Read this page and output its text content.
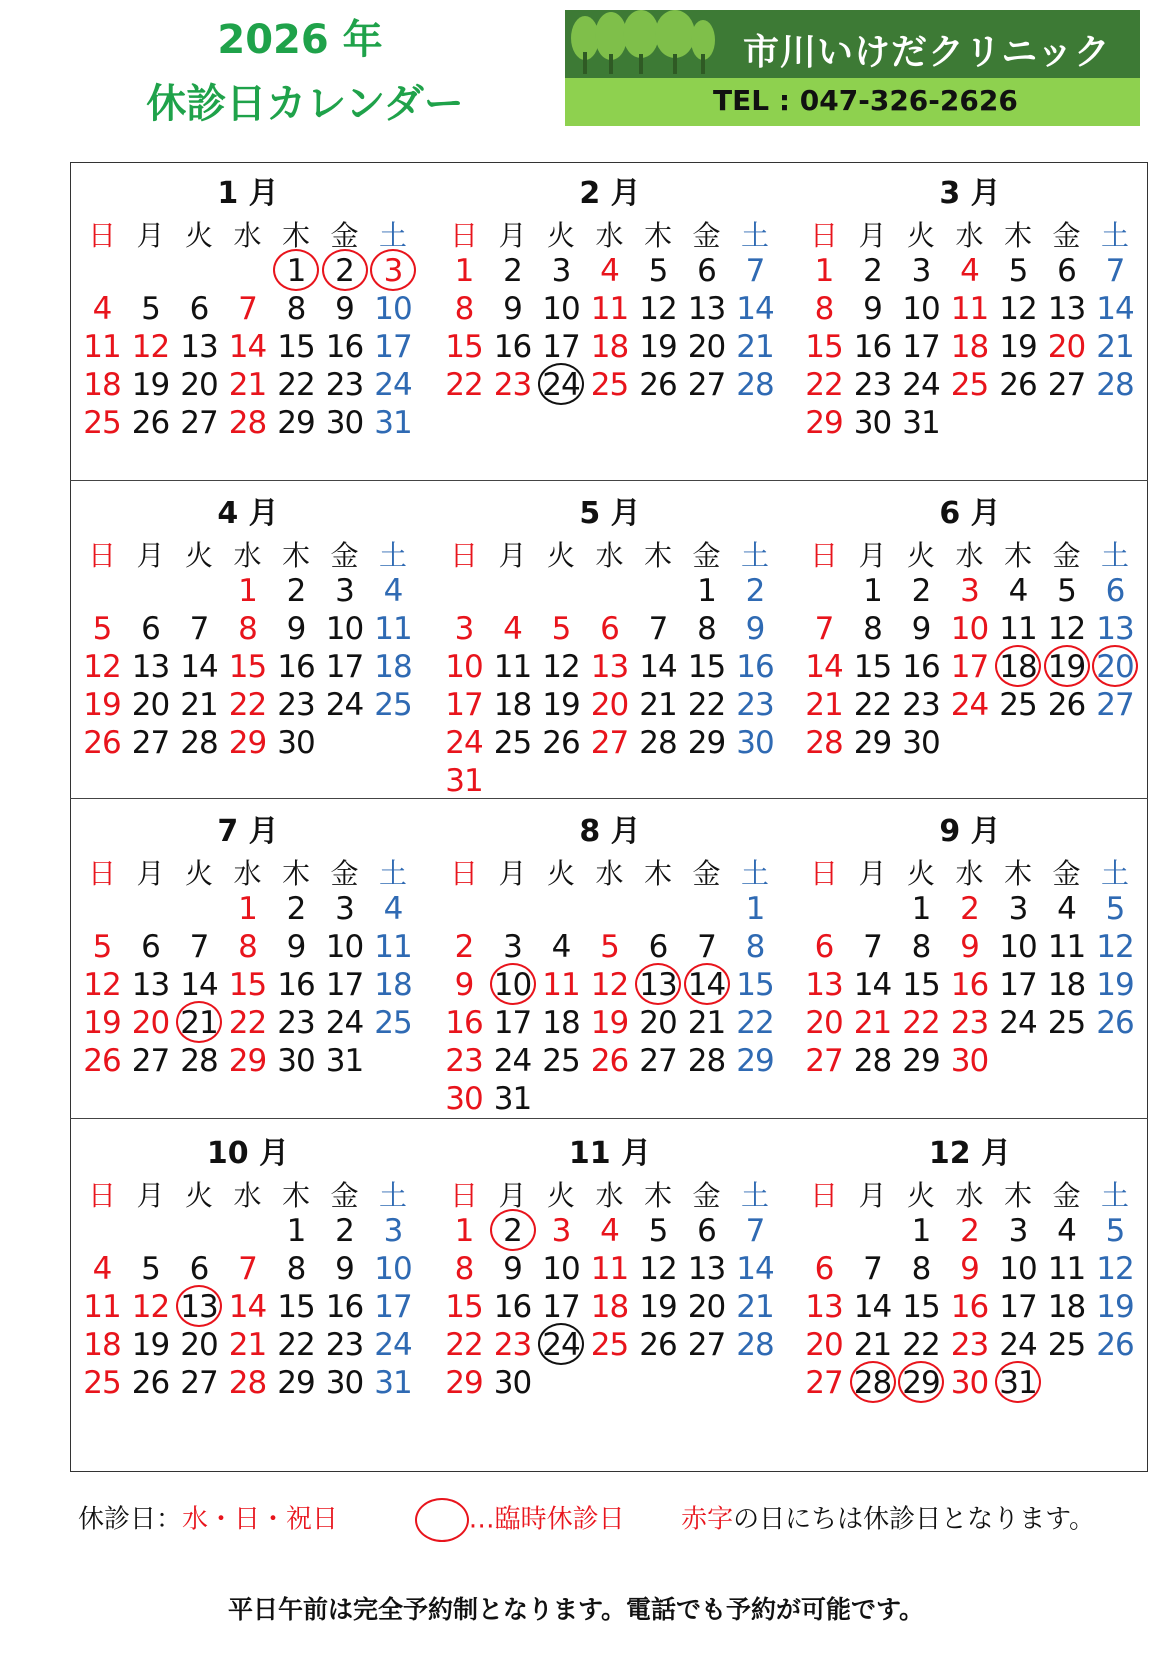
2026 年
休診日カレンダー
市川いけだクリニック
TEL : 047-326-2626
1 月
日 月 火 水 木 金 土
1 2 3
4 5 6 7 8 9 10
11 12 13 14 15 16 17
18 19 20 21 22 23 24
25 26 27 28 29 30 31
2 月
日 月 火 水 木 金 土
1 2 3 4 5 6 7
8 9 10 11 12 13 14
15 16 17 18 19 20 21
22 23 24 25 26 27 28
3 月
日 月 火 水 木 金 土
1 2 3 4 5 6 7
8 9 10 11 12 13 14
15 16 17 18 19 20 21
22 23 24 25 26 27 28
29 30 31
4 月
日 月 火 水 木 金 土
1 2 3 4
5 6 7 8 9 10 11
12 13 14 15 16 17 18
19 20 21 22 23 24 25
26 27 28 29 30
5 月
日 月 火 水 木 金 土
1 2
3 4 5 6 7 8 9
10 11 12 13 14 15 16
17 18 19 20 21 22 23
24 25 26 27 28 29 30
31
6 月
日 月 火 水 木 金 土
1 2 3 4 5 6
7 8 9 10 11 12 13
14 15 16 17 18 19 20
21 22 23 24 25 26 27
28 29 30
7 月
日 月 火 水 木 金 土
1 2 3 4
5 6 7 8 9 10 11
12 13 14 15 16 17 18
19 20 21 22 23 24 25
26 27 28 29 30 31
8 月
日 月 火 水 木 金 土
1
2 3 4 5 6 7 8
9 10 11 12 13 14 15
16 17 18 19 20 21 22
23 24 25 26 27 28 29
30 31
9 月
日 月 火 水 木 金 土
1 2 3 4 5
6 7 8 9 10 11 12
13 14 15 16 17 18 19
20 21 22 23 24 25 26
27 28 29 30
10 月
日 月 火 水 木 金 土
1 2 3
4 5 6 7 8 9 10
11 12 13 14 15 16 17
18 19 20 21 22 23 24
25 26 27 28 29 30 31
11 月
日 月 火 水 木 金 土
1 2 3 4 5 6 7
8 9 10 11 12 13 14
15 16 17 18 19 20 21
22 23 24 25 26 27 28
29 30
12 月
日 月 火 水 木 金 土
1 2 3 4 5
6 7 8 9 10 11 12
13 14 15 16 17 18 19
20 21 22 23 24 25 26
27 28 29 30 31
休診日：水・日・祝日	…臨時休診日 赤字の日にちは休診日となります。
平日午前は完全予約制となります。電話でも予約が可能です。
